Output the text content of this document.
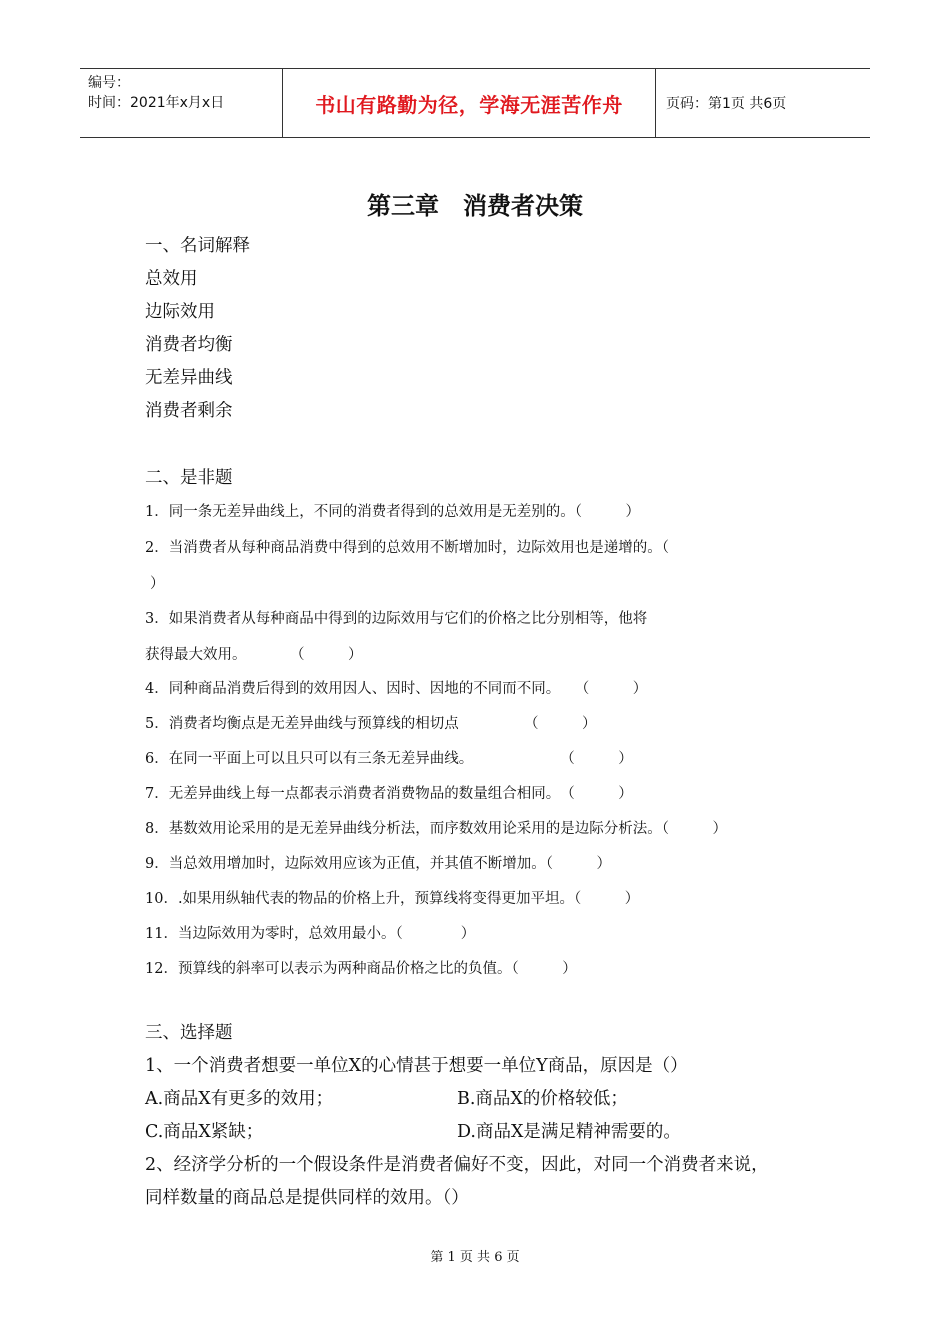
编号：
时间：2021年x月x日	书山有路勤为径，学海无涯苦作舟	页码：第1页 共6页
第三章　消费者决策
一、名词解释
总效用
边际效用
消费者均衡
无差异曲线
消费者剩余
二、是非题
1．同一条无差异曲线上，不同的消费者得到的总效用是无差别的。（　　　）
2．当消费者从每种商品消费中得到的总效用不断增加时，边际效用也是递增的。（
）
3．如果消费者从每种商品中得到的边际效用与它们的价格之比分别相等，他将
获得最大效用。　　　　（　　　）
4．同种商品消费后得到的效用因人、因时、因地的不同而不同。　　（　　　）
5．消费者均衡点是无差异曲线与预算线的相切点　　　　　（　　　）
6．在同一平面上可以且只可以有三条无差异曲线。　　　　　　　（　　　）
7．无差异曲线上每一点都表示消费者消费物品的数量组合相同。　（　　　）
8．基数效用论采用的是无差异曲线分析法，而序数效用论采用的是边际分析法。（　　　）
9．当总效用增加时，边际效用应该为正值，并其值不断增加。（　　　）
10．.如果用纵轴代表的物品的价格上升，预算线将变得更加平坦。（　　　）
11．当边际效用为零时，总效用最小。（　　　　）
12．预算线的斜率可以表示为两种商品价格之比的负值。（　　　）
三、选择题
1、一个消费者想要一单位X的心情甚于想要一单位Y商品，原因是（）
A.商品X有更多的效用；	B.商品X的价格较低；
C.商品X紧缺；	D.商品X是满足精神需要的。
2、经济学分析的一个假设条件是消费者偏好不变，因此，对同一个消费者来说，
同样数量的商品总是提供同样的效用。（）
第 1 页 共 6 页
